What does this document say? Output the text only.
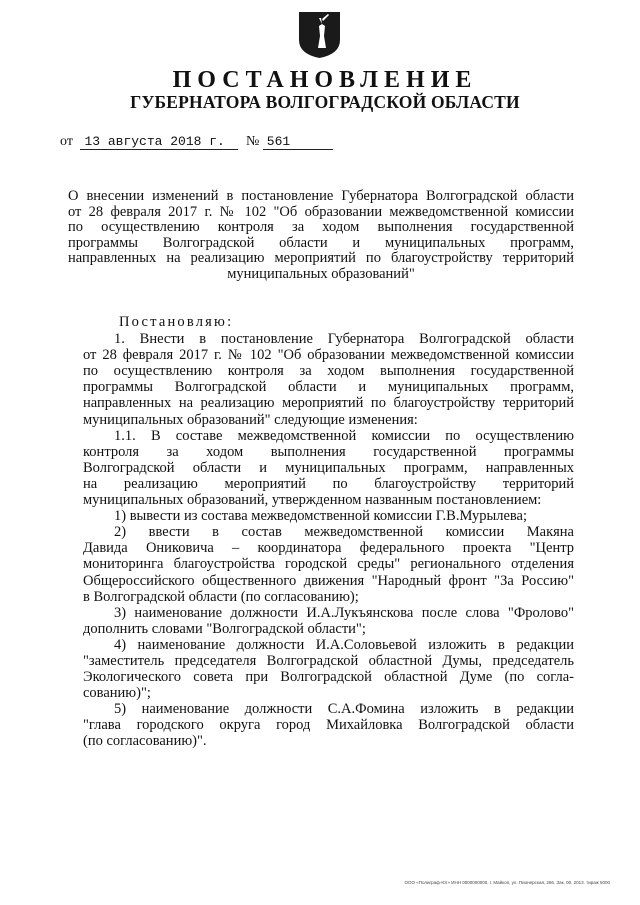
ПОСТАНОВЛЕНИЕ
ГУБЕРНАТОРА ВОЛГОГРАДСКОЙ ОБЛАСТИ
от 13 августа 2018 г. № 561
О внесении изменений в постановление Губернатора Волгоградской области
от 28 февраля 2017 г. № 102 "Об образовании межведомственной комиссии
по осуществлению контроля за ходом выполнения государственной
программы Волгоградской области и муниципальных программ,
направленных на реализацию мероприятий по благоустройству территорий
муниципальных образований"
Постановляю:
1. Внести в постановление Губернатора Волгоградской области
от 28 февраля 2017 г. № 102 "Об образовании межведомственной комиссии
по осуществлению контроля за ходом выполнения государственной
программы Волгоградской области и муниципальных программ,
направленных на реализацию мероприятий по благоустройству территорий
муниципальных образований" следующие изменения:
1.1. В составе межведомственной комиссии по осуществлению
контроля за ходом выполнения государственной программы
Волгоградской области и муниципальных программ, направленных
на реализацию мероприятий по благоустройству территорий
муниципальных образований, утвержденном названным постановлением:
1) вывести из состава межведомственной комиссии Г.В.Мурылева;
2) ввести в состав межведомственной комиссии Макяна
Давида Ониковича – координатора федерального проекта "Центр
мониторинга благоустройства городской среды" регионального отделения
Общероссийского общественного движения "Народный фронт "За Россию"
в Волгоградской области (по согласованию);
3) наименование должности И.А.Лукъянскова после слова "Фролово"
дополнить словами "Волгоградской области";
4) наименование должности И.А.Соловьевой изложить в редакции
"заместитель председателя Волгоградской областной Думы, председатель
Экологического совета при Волгоградской областной Думе (по согла-
сованию)";
5) наименование должности С.А.Фомина изложить в редакции
"глава городского округа город Михайловка Волгоградской области
(по согласованию)".
ООО «Полиграф-Юг» ИНН 0000000000. г. Майкоп, ул. Пионерская, 266. Зак. 00. 2013. тираж 5000
